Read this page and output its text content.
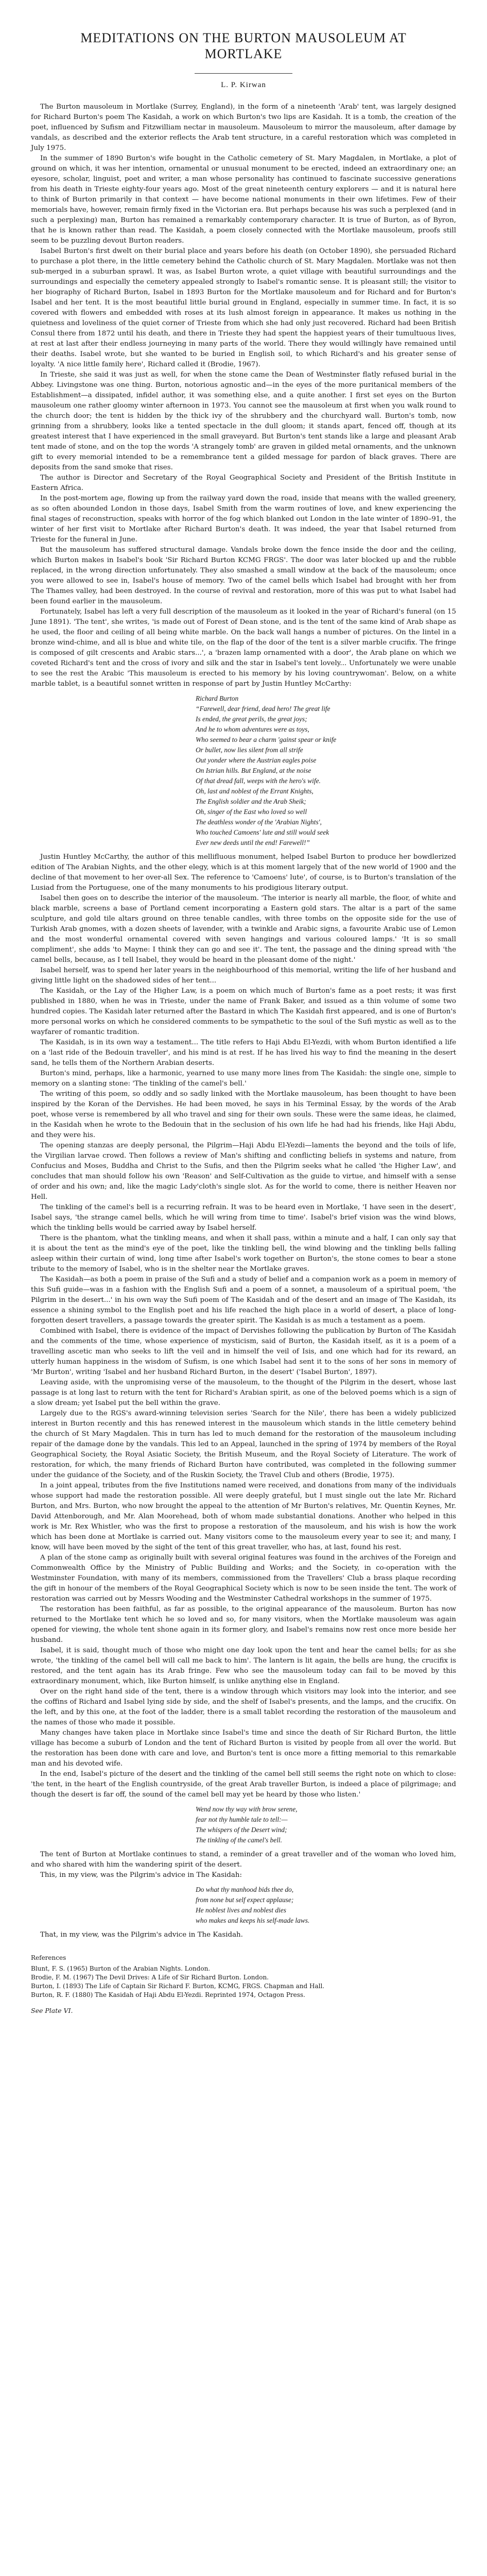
MEDITATIONS ON THE BURTON MAUSOLEUM AT MORTLAKE
L. P. Kirwan

The Burton mausoleum in Mortlake (Surrey, England), in the form of a nineteenth 'Arab' tent, was largely designed for Richard Burton's poem The Kasidah, a work on which Burton's two lips are Kasidah. It is a tomb, the creation of the poet, influenced by Sufism and Fitzwilliam nectar in mausoleum. Mausoleum to mirror the mausoleum, after damage by vandals, as described and the exterior reflects the Arab tent structure, in a careful restoration which was completed in July 1975.

In the summer of 1890 Burton's wife bought in the Catholic cemetery of St. Mary Magdalen, in Mortlake, a plot of ground on which, it was her intention, ornamental or unusual monument to be erected, indeed an extraordinary one; an eyesore, scholar, linguist, poet and writer, a man whose personality has continued to fascinate successive generations from his death in Trieste eighty-four years ago. Most of the great nineteenth century explorers — and it is natural here to think of Burton primarily in that context — have become national monuments in their own lifetimes. Few of their memorials have, however, remain firmly fixed in the Victorian era. But perhaps because his was such a perplexed (and in such a perplexing) man, Burton has remained a remarkably contemporary character. It is true of Burton, as of Byron, that he is known rather than read. The Kasidah, a poem closely connected with the Mortlake mausoleum, proofs still seem to be puzzling devout Burton readers.

Isabel Burton's first dwelt on their burial place and years before his death (on October 1890), she persuaded Richard to purchase a plot there, in the little cemetery behind the Catholic church of St. Mary Magdalen. Mortlake was not then sub-merged in a suburban sprawl. It was, as Isabel Burton wrote, a quiet village with beautiful surroundings and the surroundings and especially the cemetery appealed strongly to Isabel's romantic sense. It is pleasant still; the visitor to her biography of Richard Burton, Isabel in 1893 Burton for the Mortlake mausoleum and for Richard and for Burton's Isabel and her tent. It is the most beautiful little burial ground in England, especially in summer time. In fact, it is so covered with flowers and embedded with roses at its lush almost foreign in appearance. It makes us nothing in the quietness and loveliness of the quiet corner of Trieste from which she had only just recovered. Richard had been British Consul there from 1872 until his death, and there in Trieste they had spent the happiest years of their tumultuous lives, at rest at last after their endless journeying in many parts of the world. There they would willingly have remained until their deaths. Isabel wrote, but she wanted to be buried in English soil, to which Richard's and his greater sense of loyalty. 'A nice little family here', Richard called it (Brodie, 1967).

In Trieste, she said it was just as well, for when the stone came the Dean of Westminster flatly refused burial in the Abbey. Livingstone was one thing. Burton, notorious agnostic and—in the eyes of the more puritanical members of the Establishment—a dissipated, infidel author, it was something else, and a quite another. I first set eyes on the Burton mausoleum one rather gloomy winter afternoon in 1973. You cannot see the mausoleum at first when you walk round to the church door; the tent is hidden by the thick ivy of the shrubbery and the churchyard wall. Burton's tomb, now grinning from a shrubbery, looks like a tented spectacle in the dull gloom; it stands apart, fenced off, though at its greatest interest that I have experienced in the small graveyard. But Burton's tent stands like a large and pleasant Arab tent made of stone, and on the top the words 'A strangely tomb' are graven in gilded metal ornaments, and the unknown gift to every memorial intended to be a remembrance tent a gilded message for pardon of black graves. There are deposits from the sand smoke that rises.

The author is Director and Secretary of the Royal Geographical Society and President of the British Institute in Eastern Africa.

In the post-mortem age, flowing up from the railway yard down the road, inside that means with the walled greenery, as so often abounded London in those days, Isabel Smith from the warm routines of love, and knew experiencing the final stages of reconstruction, speaks with horror of the fog which blanked out London in the late winter of 1890–91, the winter of her first visit to Mortlake after Richard Burton's death. It was indeed, the year that Isabel returned from Trieste for the funeral in June.

But the mausoleum has suffered structural damage. Vandals broke down the fence inside the door and the ceiling, which Burton makes in Isabel's book 'Sir Richard Burton KCMG FRGS'. The door was later blocked up and the rubble replaced, in the wrong direction unfortunately. They also smashed a small window at the back of the mausoleum; once you were allowed to see in, Isabel's house of memory. Two of the camel bells which Isabel had brought with her from The Thames valley, had been destroyed. In the course of revival and restoration, more of this was put to what Isabel had been found earlier in the mausoleum.

Fortunately, Isabel has left a very full description of the mausoleum as it looked in the year of Richard's funeral (on 15 June 1891). 'The tent', she writes, 'is made out of Forest of Dean stone, and is the tent of the same kind of Arab shape as he used, the floor and ceiling of all being white marble. On the back wall hangs a number of pictures. On the lintel in a bronze wind-chime, and all is blue and white tile, on the flap of the door of the tent is a silver marble crucifix. The fringe is composed of gilt crescents and Arabic stars...', a 'brazen lamp ornamented with a door', the Arab plane on which we coveted Richard's tent and the cross of ivory and silk and the star in Isabel's tent lovely... Unfortunately we were unable to see the rest the Arabic 'This mausoleum is erected to his memory by his loving countrywoman'. Below, on a white marble tablet, is a beautiful sonnet written in response of part by Justin Huntley McCarthy:

Richard Burton
“Farewell, dear friend, dead hero! The great life
Is ended, the great perils, the great joys;
And he to whom adventures were as toys,
Who seemed to bear a charm 'gainst spear or knife
Or bullet, now lies silent from all strife
Out yonder where the Austrian eagles poise
On Istrian hills. But England, at the noise
Of that dread fall, weeps with the hero's wife.
Oh, last and noblest of the Errant Knights,
The English soldier and the Arab Sheik;
Oh, singer of the East who loved so well
The deathless wonder of the 'Arabian Nights',
Who touched Camoens' lute and still would seek
Ever new deeds until the end! Farewell!”

Justin Huntley McCarthy, the author of this mellifluous monument, helped Isabel Burton to produce her bowdlerized edition of The Arabian Nights, and the other elegy, which is at this moment largely that of the new world of 1900 and the decline of that movement to her over-all Sex. The reference to 'Camoens' lute', of course, is to Burton's translation of the Lusiad from the Portuguese, one of the many monuments to his prodigious literary output.

Isabel then goes on to describe the interior of the mausoleum. 'The interior is nearly all marble, the floor, of white and black marble, screens a base of Portland cement incorporating a Eastern gold stars. The altar is a part of the same sculpture, and gold tile altars ground on three tenable candles, with three tombs on the opposite side for the use of Turkish Arab gnomes, with a dozen sheets of lavender, with a twinkle and Arabic signs, a favourite Arabic use of Lemon and the most wonderful ornamental covered with seven hangings and various coloured lamps.' 'It is so small compliment', she adds 'to Mayne: I think they can go and see it'. The tent, the passage and the dining spread with 'the camel bells, because, as I tell Isabel, they would be heard in the pleasant dome of the night.'

Isabel herself, was to spend her later years in the neighbourhood of this memorial, writing the life of her husband and giving little light on the shadowed sides of her tent...

The Kasidah, or the Lay of the Higher Law, is a poem on which much of Burton's fame as a poet rests; it was first published in 1880, when he was in Trieste, under the name of Frank Baker, and issued as a thin volume of some two hundred copies. The Kasidah later returned after the Bastard in which The Kasidah first appeared, and is one of Burton's more personal works on which he considered comments to be sympathetic to the soul of the Sufi mystic as well as to the wayfarer of romantic tradition.

The Kasidah, is in its own way a testament... The title refers to Haji Abdu El-Yezdi, with whom Burton identified a life on a 'last ride of the Bedouin traveller', and his mind is at rest. If he has lived his way to find the meaning in the desert sand, he tells them of the Northern Arabian deserts.

Burton's mind, perhaps, like a harmonic, yearned to use many more lines from The Kasidah: the single one, simple to memory on a slanting stone: 'The tinkling of the camel's bell.'

The writing of this poem, so oddly and so sadly linked with the Mortlake mausoleum, has been thought to have been inspired by the Koran of the Dervishes. He had been moved, he says in his Terminal Essay, by the words of the Arab poet, whose verse is remembered by all who travel and sing for their own souls. These were the same ideas, he claimed, in the Kasidah when he wrote to the Bedouin that in the seclusion of his own life he had had his friends, like Haji Abdu, and they were his.

The opening stanzas are deeply personal, the Pilgrim—Haji Abdu El-Yezdi—laments the beyond and the toils of life, the Virgilian larvae crowd. Then follows a review of Man's shifting and conflicting beliefs in systems and nature, from Confucius and Moses, Buddha and Christ to the Sufis, and then the Pilgrim seeks what he called 'the Higher Law', and concludes that man should follow his own 'Reason' and Self-Cultivation as the guide to virtue, and himself with a sense of order and his own; and, like the magic Lady'cloth's single slot. As for the world to come, there is neither Heaven nor Hell.

The tinkling of the camel's bell is a recurring refrain. It was to be heard even in Mortlake, 'I have seen in the desert', Isabel says, 'the strange camel bells, which he will wring from time to time'. Isabel's brief vision was the wind blows, which the tinkling bells would be carried away by Isabel herself.

There is the phantom, what the tinkling means, and when it shall pass, within a minute and a half, I can only say that it is about the tent as the mind's eye of the poet, like the tinkling bell, the wind blowing and the tinkling bells falling asleep within their curtain of wind, long time after Isabel's work together on Burton's, the stone comes to bear a stone tribute to the memory of Isabel, who is in the shelter near the Mortlake graves.

The Kasidah—as both a poem in praise of the Sufi and a study of belief and a companion work as a poem in memory of this Sufi guide—was in a fashion with the English Sufi and a poem of a sonnet, a mausoleum of a spiritual poem, 'the Pilgrim in the desert...' in his own way the Sufi poem of The Kasidah and of the desert and an image of The Kasidah, its essence a shining symbol to the English poet and his life reached the high place in a world of desert, a place of long-forgotten desert travellers, a passage towards the greater spirit. The Kasidah is as much a testament as a poem.

Combined with Isabel, there is evidence of the impact of Dervishes following the publication by Burton of The Kasidah and the comments of the time, whose experience of mysticism, said of Burton, the Kasidah itself, as it is a poem of a travelling ascetic man who seeks to lift the veil and in himself the veil of Isis, and one which had for its reward, an utterly human happiness in the wisdom of Sufism, is one which Isabel had sent it to the sons of her sons in memory of 'Mr Burton', writing 'Isabel and her husband Richard Burton, in the desert' ('Isabel Burton', 1897).

Leaving aside, with the unpromising verse of the mausoleum, to the thought of the Pilgrim in the desert, whose last passage is at long last to return with the tent for Richard's Arabian spirit, as one of the beloved poems which is a sign of a slow dream; yet Isabel put the bell within the grave.

Largely due to the RGS's award-winning television series 'Search for the Nile', there has been a widely publicized interest in Burton recently and this has renewed interest in the mausoleum which stands in the little cemetery behind the church of St Mary Magdalen. This in turn has led to much demand for the restoration of the mausoleum including repair of the damage done by the vandals. This led to an Appeal, launched in the spring of 1974 by members of the Royal Geographical Society, the Royal Asiatic Society, the British Museum, and the Royal Society of Literature. The work of restoration, for which, the many friends of Richard Burton have contributed, was completed in the following summer under the guidance of the Society, and of the Ruskin Society, the Travel Club and others (Brodie, 1975).

In a joint appeal, tributes from the five Institutions named were received, and donations from many of the individuals whose support had made the restoration possible. All were deeply grateful, but I must single out the late Mr. Richard Burton, and Mrs. Burton, who now brought the appeal to the attention of Mr Burton's relatives, Mr. Quentin Keynes, Mr. David Attenborough, and Mr. Alan Moorehead, both of whom made substantial donations. Another who helped in this work is Mr. Rex Whistler, who was the first to propose a restoration of the mausoleum, and his wish is how the work which has been done at Mortlake is carried out. Many visitors come to the mausoleum every year to see it; and many, I know, will have been moved by the sight of the tent of this great traveller, who has, at last, found his rest.

A plan of the stone camp as originally built with several original features was found in the archives of the Foreign and Commonwealth Office by the Ministry of Public Building and Works; and the Society, in co-operation with the Westminster Foundation, with many of its members, commissioned from the Travellers' Club a brass plaque recording the gift in honour of the members of the Royal Geographical Society which is now to be seen inside the tent. The work of restoration was carried out by Messrs Wooding and the Westminster Cathedral workshops in the summer of 1975.

The restoration has been faithful, as far as possible, to the original appearance of the mausoleum. Burton has now returned to the Mortlake tent which he so loved and so, for many visitors, when the Mortlake mausoleum was again opened for viewing, the whole tent shone again in its former glory, and Isabel's remains now rest once more beside her husband.

Isabel, it is said, thought much of those who might one day look upon the tent and hear the camel bells; for as she wrote, 'the tinkling of the camel bell will call me back to him'. The lantern is lit again, the bells are hung, the crucifix is restored, and the tent again has its Arab fringe. Few who see the mausoleum today can fail to be moved by this extraordinary monument, which, like Burton himself, is unlike anything else in England.

Over on the right hand side of the tent, there is a window through which visitors may look into the interior, and see the coffins of Richard and Isabel lying side by side, and the shelf of Isabel's presents, and the lamps, and the crucifix. On the left, and by this one, at the foot of the ladder, there is a small tablet recording the restoration of the mausoleum and the names of those who made it possible.

Many changes have taken place in Mortlake since Isabel's time and since the death of Sir Richard Burton, the little village has become a suburb of London and the tent of Richard Burton is visited by people from all over the world. But the restoration has been done with care and love, and Burton's tent is once more a fitting memorial to this remarkable man and his devoted wife.

In the end, Isabel's picture of the desert and the tinkling of the camel bell still seems the right note on which to close: 'the tent, in the heart of the English countryside, of the great Arab traveller Burton, is indeed a place of pilgrimage; and though the desert is far off, the sound of the camel bell may yet be heard by those who listen.'

Wend now thy way with brow serene,
fear not thy humble tale to tell:—
The whispers of the Desert wind;
The tinkling of the camel's bell.

The tent of Burton at Mortlake continues to stand, a reminder of a great traveller and of the woman who loved him, and who shared with him the wandering spirit of the desert.

This, in my view, was the Pilgrim's advice in The Kasidah:

Do what thy manhood bids thee do,
from none but self expect applause;
He noblest lives and noblest dies
who makes and keeps his self-made laws.

That, in my view, was the Pilgrim's advice in The Kasidah.

References
Blunt, F. S. (1965) Burton of the Arabian Nights. London.
Brodie, F. M. (1967) The Devil Drives: A Life of Sir Richard Burton. London.
Burton, I. (1893) The Life of Captain Sir Richard F. Burton, KCMG, FRGS. Chapman and Hall.
Burton, R. F. (1880) The Kasidah of Haji Abdu El-Yezdi. Reprinted 1974, Octagon Press.
See Plate VI.
